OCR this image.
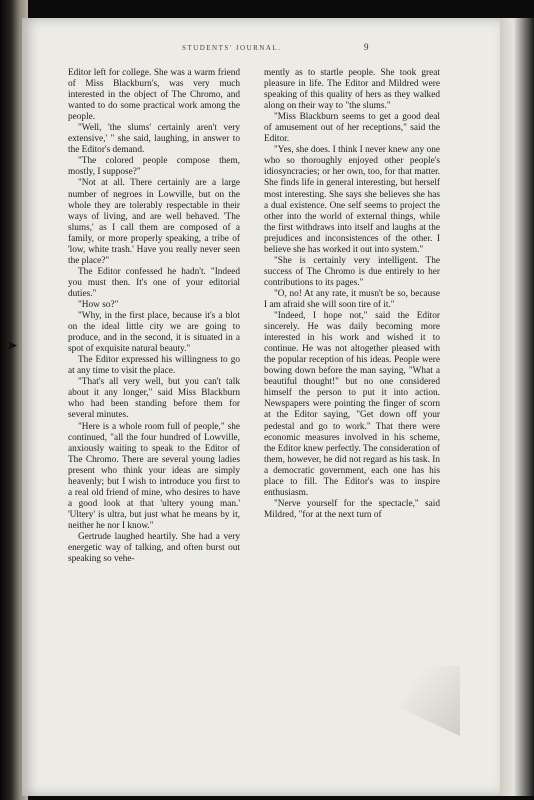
STUDENTS' JOURNAL.	9

Editor left for college. She was a warm friend of Miss Blackburn's, was very much interested in the object of The Chromo, and wanted to do some practical work among the people.

"Well, 'the slums' certainly aren't very extensive,' " she said, laughing, in answer to the Editor's demand.

"The colored people compose them, mostly, I suppose?"

"Not at all. There certainly are a large number of negroes in Lowville, but on the whole they are tolerably respectable in their ways of living, and are well behaved. 'The slums,' as I call them are composed of a family, or more properly speaking, a tribe of 'low, white trash.' Have you really never seen the place?"

The Editor confessed he hadn't. "Indeed you must then. It's one of your editorial duties."

"How so?"

"Why, in the first place, because it's a blot on the ideal little city we are going to produce, and in the second, it is situated in a spot of exquisite natural beauty."

The Editor expressed his willingness to go at any time to visit the place.

"That's all very well, but you can't talk about it any longer," said Miss Blackburn who had been standing before them for several minutes.

"Here is a whole room full of people," she continued, "all the four hundred of Lowville, anxiously waiting to speak to the Editor of The Chromo. There are several young ladies present who think your ideas are simply heavenly; but I wish to introduce you first to a real old friend of mine, who desires to have a good look at that 'ultery young man.' 'Ultery' is ultra, but just what he means by it, neither he nor I know."

Gertrude laughed heartily. She had a very energetic way of talking, and often burst out speaking so vehe-

mently as to startle people. She took great pleasure in life. The Editor and Mildred were speaking of this quality of hers as they walked along on their way to "the slums."

"Miss Blackburn seems to get a good deal of amusement out of her receptions," said the Editor.

"Yes, she does. I think I never knew any one who so thoroughly enjoyed other people's idiosyncracies; or her own, too, for that matter. She finds life in general interesting, but herself most interesting. She says she believes she has a dual existence. One self seems to project the other into the world of external things, while the first withdraws into itself and laughs at the prejudices and inconsistences of the other. I believe she has worked it out into system."

"She is certainly very intelligent. The success of The Chromo is due entirely to her contributions to its pages."

"O, no! At any rate, it musn't be so, because I am afraid she will soon tire of it."

"Indeed, I hope not," said the Editor sincerely. He was daily becoming more interested in his work and wished it to continue. He was not altogether pleased with the popular reception of his ideas. People were bowing down before the man saying, "What a beautiful thought!" but no one considered himself the person to put it into action. Newspapers were pointing the finger of scorn at the Editor saying, "Get down off your pedestal and go to work." That there were economic measures involved in his scheme, the Editor knew perfectly. The consideration of them, however, he did not regard as his task. In a democratic government, each one has his place to fill. The Editor's was to inspire enthusiasm.

"Nerve yourself for the spectacle," said Mildred, "for at the next turn of

➤
